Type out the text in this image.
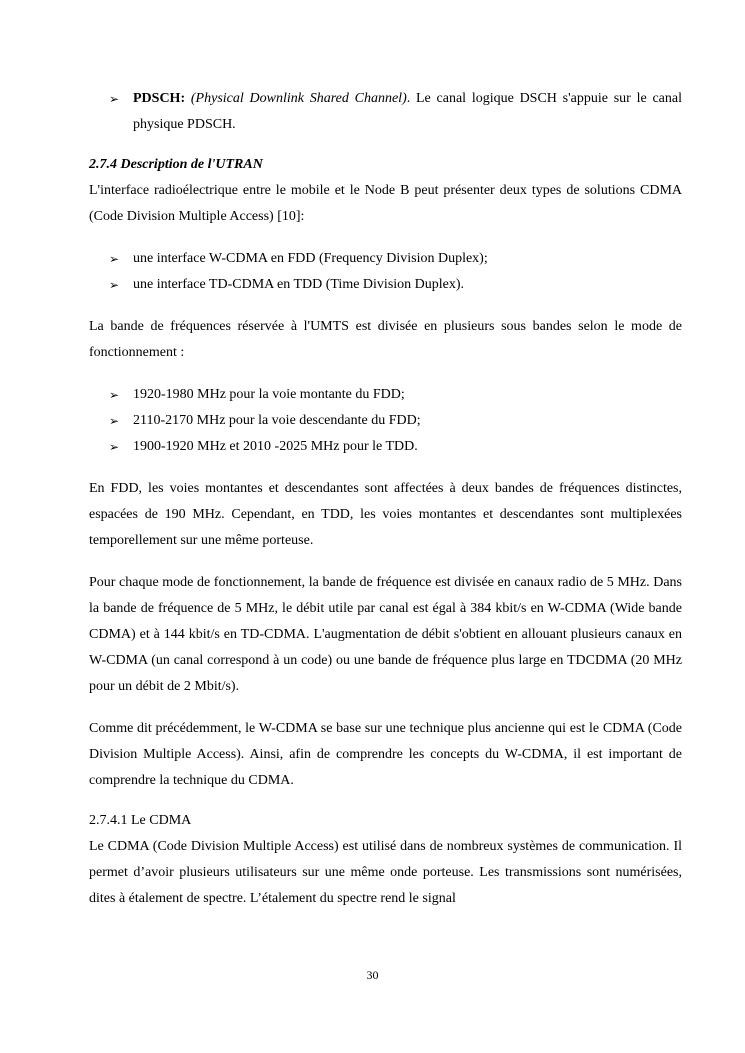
➢ PDSCH: (Physical Downlink Shared Channel). Le canal logique DSCH s'appuie sur le canal physique PDSCH.
2.7.4 Description de l'UTRAN

L'interface radioélectrique entre le mobile et le Node B peut présenter deux types de solutions CDMA (Code Division Multiple Access) [10]:

➢ une interface W-CDMA en FDD (Frequency Division Duplex);
➢ une interface TD-CDMA en TDD (Time Division Duplex).

La bande de fréquences réservée à l'UMTS est divisée en plusieurs sous bandes selon le mode de fonctionnement :

➢ 1920-1980 MHz pour la voie montante du FDD;
➢ 2110-2170 MHz pour la voie descendante du FDD;
➢ 1900-1920 MHz et 2010 -2025 MHz pour le TDD.

En FDD, les voies montantes et descendantes sont affectées à deux bandes de fréquences distinctes, espacées de 190 MHz. Cependant, en TDD, les voies montantes et descendantes sont multiplexées temporellement sur une même porteuse.

Pour chaque mode de fonctionnement, la bande de fréquence est divisée en canaux radio de 5 MHz. Dans la bande de fréquence de 5 MHz, le débit utile par canal est égal à 384 kbit/s en W-CDMA (Wide bande CDMA) et à 144 kbit/s en TD-CDMA. L'augmentation de débit s'obtient en allouant plusieurs canaux en W-CDMA (un canal correspond à un code) ou une bande de fréquence plus large en TDCDMA (20 MHz pour un débit de 2 Mbit/s).

Comme dit précédemment, le W-CDMA se base sur une technique plus ancienne qui est le CDMA (Code Division Multiple Access). Ainsi, afin de comprendre les concepts du W-CDMA, il est important de comprendre la technique du CDMA.

2.7.4.1 Le CDMA

Le CDMA (Code Division Multiple Access) est utilisé dans de nombreux systèmes de communication. Il permet d’avoir plusieurs utilisateurs sur une même onde porteuse. Les transmissions sont numérisées, dites à étalement de spectre. L’étalement du spectre rend le signal

30
